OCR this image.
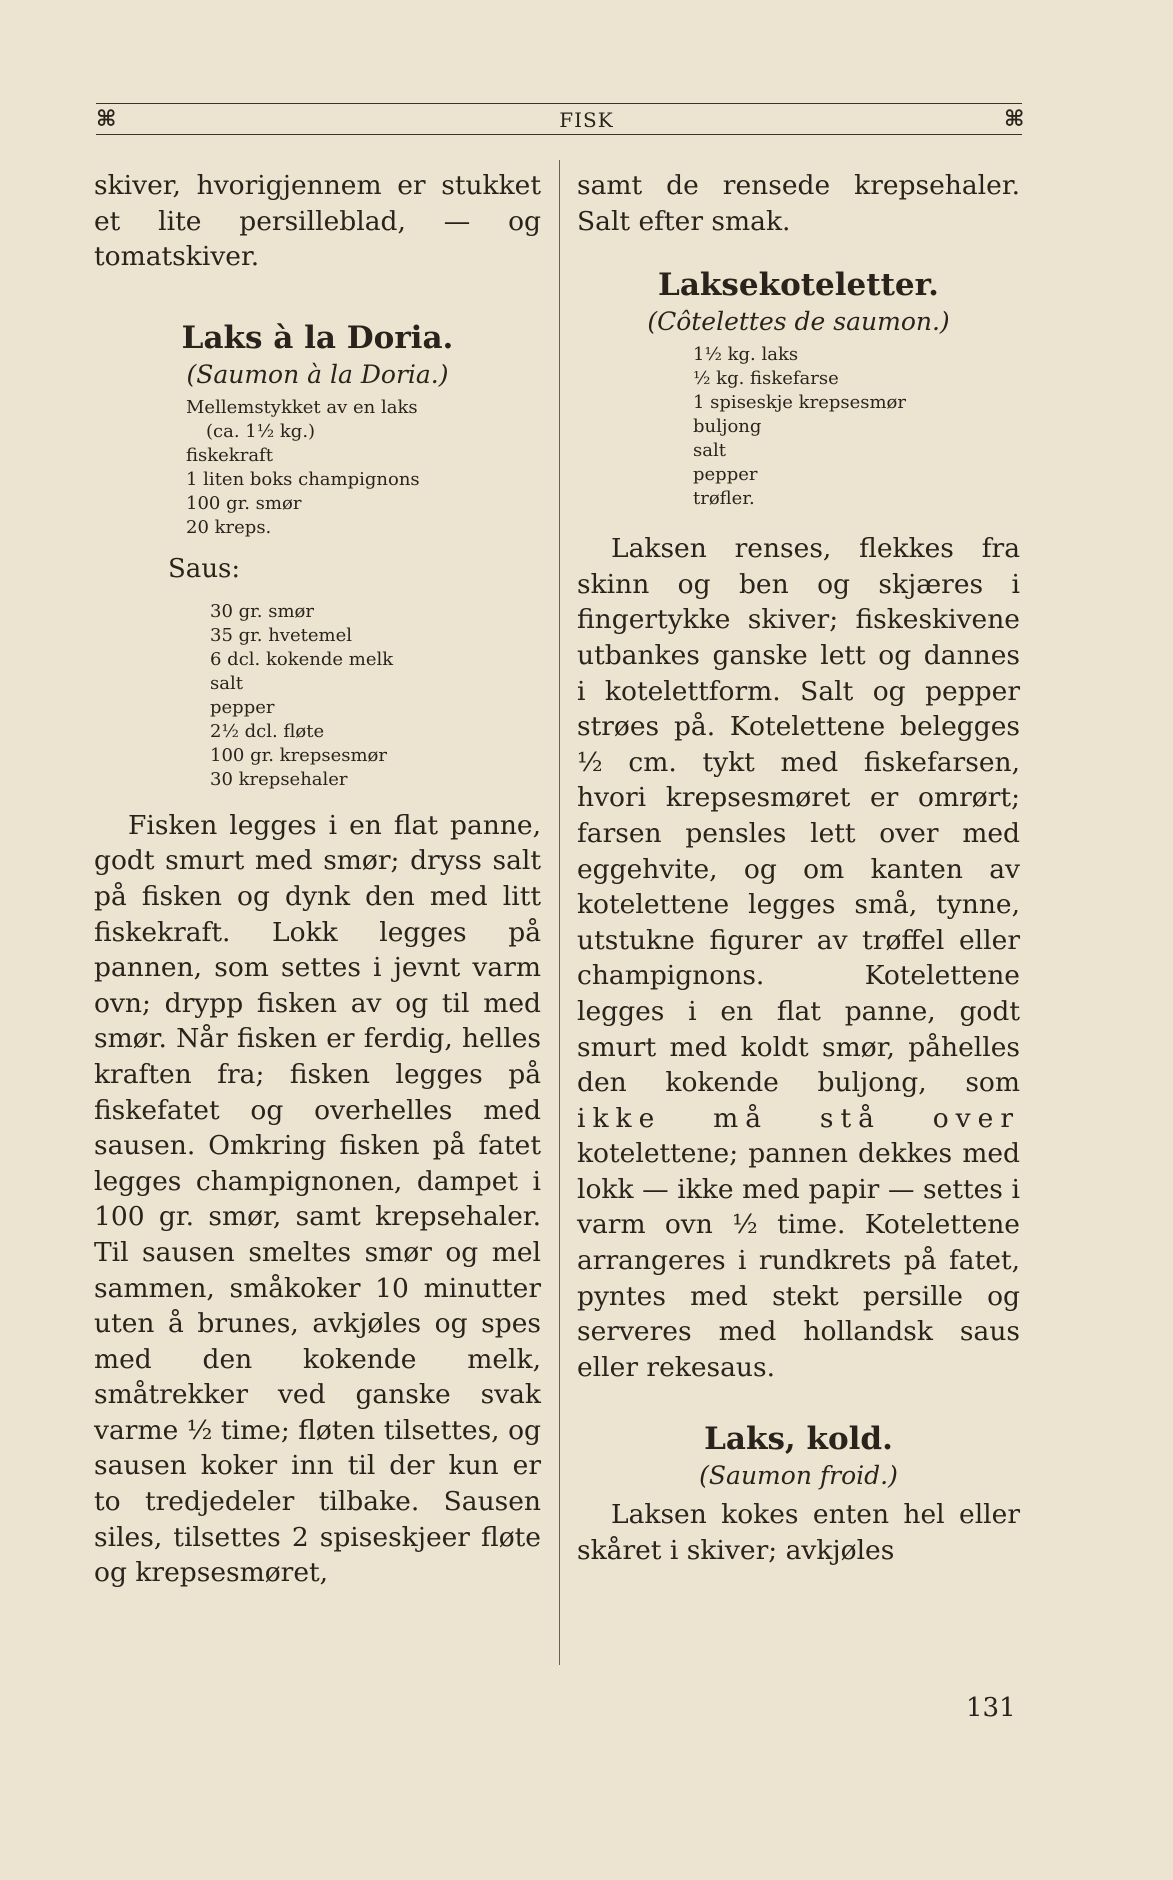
⌘	FISK	⌘

skiver, hvorigjennem er stukket et lite persilleblad, — og tomatskiver.

Laks à la Doria.

(Saumon à la Doria.)

Mellemstykket av en laks
(ca. 1½ kg.)
fiskekraft
1 liten boks champignons
100 gr. smør
20 kreps.

Saus:

30 gr. smør
35 gr. hvetemel
6 dcl. kokende melk
salt
pepper
2½ dcl. fløte
100 gr. krepsesmør
30 krepsehaler

Fisken legges i en flat panne, godt smurt med smør; dryss salt på fisken og dynk den med litt fiskekraft. Lokk legges på pannen, som settes i jevnt varm ovn; drypp fisken av og til med smør. Når fisken er ferdig, helles kraften fra; fisken legges på fiskefatet og overhelles med sausen. Omkring fisken på fatet legges champignonen, dampet i 100 gr. smør, samt krepsehaler. Til sausen smeltes smør og mel sammen, småkoker 10 minutter uten å brunes, avkjøles og spes med den kokende melk, småtrekker ved ganske svak varme ½ time; fløten tilsettes, og sausen koker inn til der kun er to tredjedeler tilbake. Sausen siles, tilsettes 2 spiseskjeer fløte og krepsesmøret,

samt de rensede krepsehaler. Salt efter smak.

Laksekoteletter.

(Côtelettes de saumon.)

1½ kg. laks
½ kg. fiskefarse
1 spiseskje krepsesmør
buljong
salt
pepper
trøfler.

Laksen renses, flekkes fra skinn og ben og skjæres i fingertykke skiver; fiskeskivene utbankes ganske lett og dannes i kotelettform. Salt og pepper strøes på. Kotelettene belegges ½ cm. tykt med fiskefarsen, hvori krepsesmøret er omrørt; farsen pensles lett over med eggehvite, og om kanten av kotelettene legges små, tynne, utstukne figurer av trøffel eller champignons. Kotelettene legges i en flat panne, godt smurt med koldt smør, påhelles den kokende buljong, som ikke må stå over kotelettene; pannen dekkes med lokk — ikke med papir — settes i varm ovn ½ time. Kotelettene arrangeres i rundkrets på fatet, pyntes med stekt persille og serveres med hollandsk saus eller rekesaus.

Laks, kold.

(Saumon froid.)

Laksen kokes enten hel eller skåret i skiver; avkjøles

131
